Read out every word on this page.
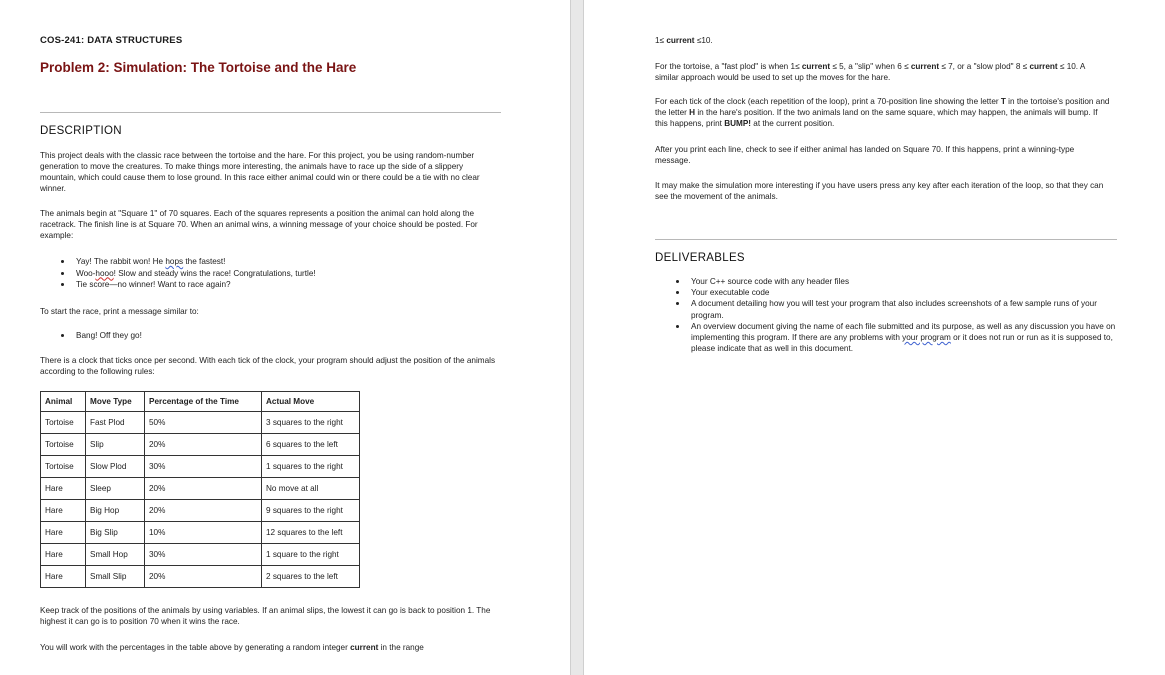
COS-241: DATA STRUCTURES
Problem 2: Simulation: The Tortoise and the Hare
DESCRIPTION

This project deals with the classic race between the tortoise and the hare. For this project, you be using random-number generation to move the creatures. To make things more interesting, the animals have to race up the side of a slippery mountain, which could cause them to lose ground. In this race either animal could win or there could be a tie with no clear winner.

The animals begin at "Square 1" of 70 squares. Each of the squares represents a position the animal can hold along the racetrack. The finish line is at Square 70. When an animal wins, a winning message of your choice should be posted. For example:

Yay! The rabbit won! He hops the fastest!
Woo-hooo! Slow and steady wins the race! Congratulations, turtle!
Tie score—no winner! Want to race again?

To start the race, print a message similar to:

Bang! Off they go!

There is a clock that ticks once per second. With each tick of the clock, your program should adjust the position of the animals according to the following rules:

Animal	Move Type	Percentage of the Time	Actual Move
Tortoise	Fast Plod	50%	3 squares to the right
Tortoise	Slip	20%	6 squares to the left
Tortoise	Slow Plod	30%	1 squares to the right
Hare	Sleep	20%	No move at all
Hare	Big Hop	20%	9 squares to the right
Hare	Big Slip	10%	12 squares to the left
Hare	Small Hop	30%	1 square to the right
Hare	Small Slip	20%	2 squares to the left

Keep track of the positions of the animals by using variables. If an animal slips, the lowest it can go is back to position 1. The highest it can go is to position 70 when it wins the race.

You will work with the percentages in the table above by generating a random integer current in the range

1≤ current ≤10.

For the tortoise, a "fast plod" is when 1≤ current ≤ 5, a "slip" when 6 ≤ current ≤ 7, or a "slow plod" 8 ≤ current ≤ 10. A similar approach would be used to set up the moves for the hare.

For each tick of the clock (each repetition of the loop), print a 70-position line showing the letter T in the tortoise's position and the letter H in the hare's position. If the two animals land on the same square, which may happen, the animals will bump. If this happens, print BUMP! at the current position.

After you print each line, check to see if either animal has landed on Square 70. If this happens, print a winning-type message.

It may make the simulation more interesting if you have users press any key after each iteration of the loop, so that they can see the movement of the animals.

DELIVERABLES
Your C++ source code with any header files
Your executable code
A document detailing how you will test your program that also includes screenshots of a few sample runs of your program.
An overview document giving the name of each file submitted and its purpose, as well as any discussion you have on implementing this program. If there are any problems with your program or it does not run or run as it is supposed to, please indicate that as well in this document.
